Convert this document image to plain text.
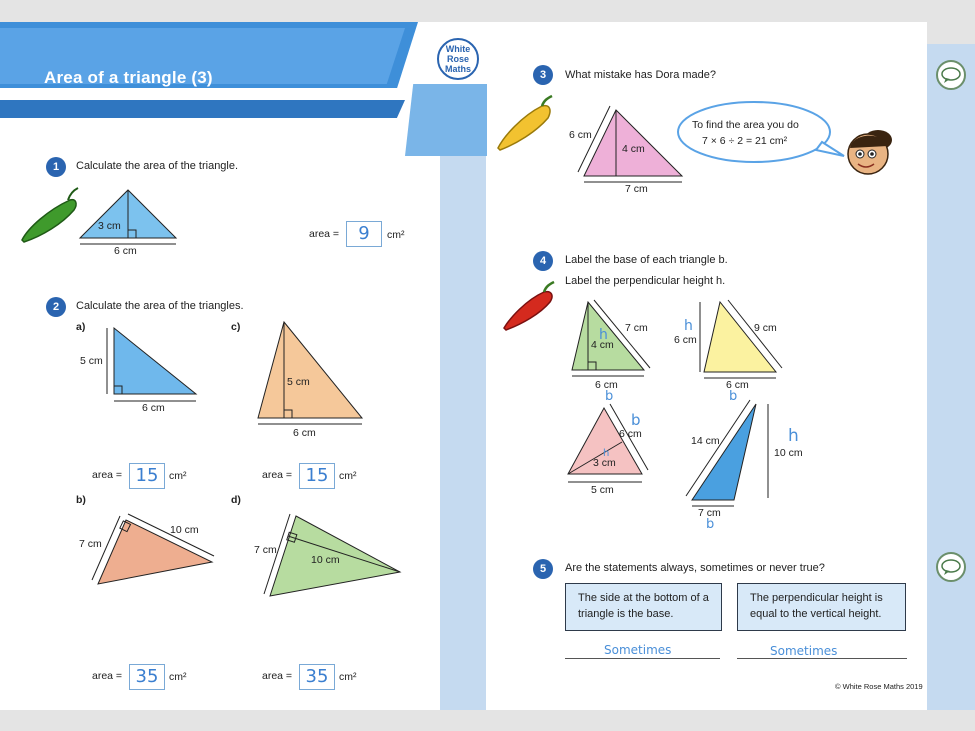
Area of a triangle (3)
White
Rose
Maths
1	Calculate the area of the triangle.
3 cm
6 cm
area =	9	cm²
2	Calculate the area of the triangles.
a)
5 cm
6 cm
area = 15	cm²
c)
5 cm
6 cm
area = 15	cm²
b)
7 cm
10 cm
area = 35	cm²
d)
7 cm
10 cm
area = 35	cm²
3	What mistake has Dora made?
6 cm
4 cm
7 cm
To find the area you do
7 × 6 ÷ 2 = 21 cm²
4	Label the base of each triangle b.
Label the perpendicular height h.
4 cm
7 cm
6 cm
h
b
6 cm
9 cm
6 cm
h
b
3 cm
6 cm
5 cm
h
b
14 cm
10 cm
7 cm
h
b
5	Are the statements always, sometimes or never true?
The side at the bottom of a triangle is the base.
The perpendicular height is equal to the vertical height.
Sometimes	Sometimes
© White Rose Maths 2019
